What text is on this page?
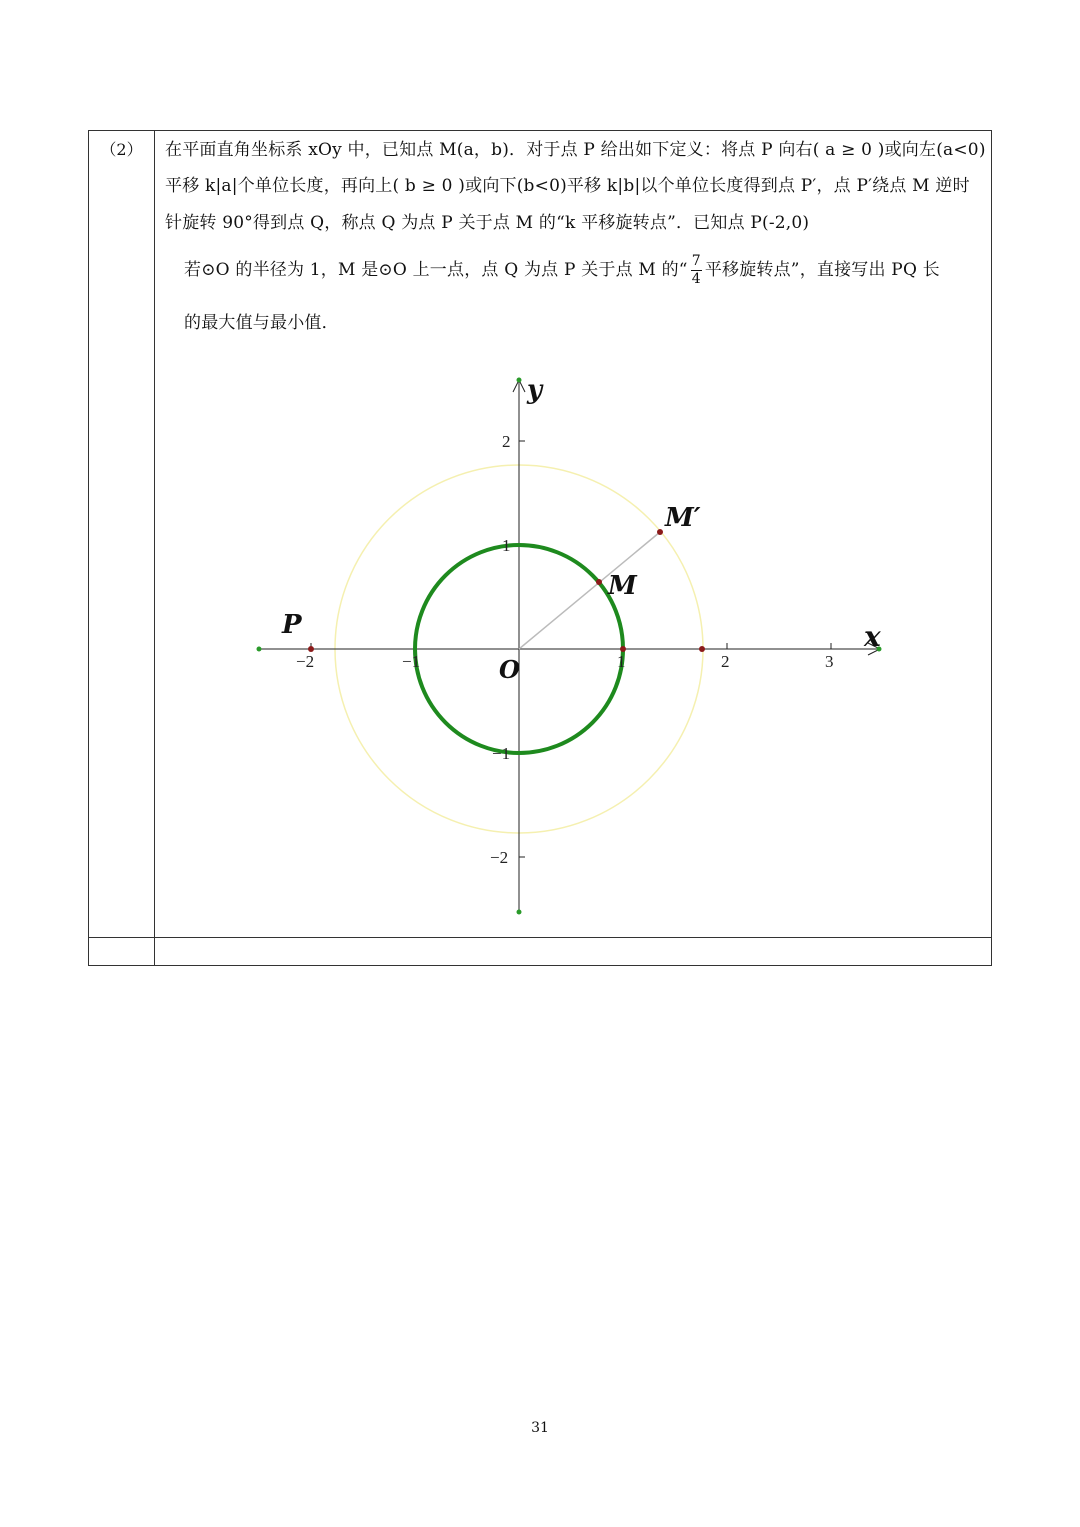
（2）	在平面直角坐标系 xOy 中，已知点 M(a，b)．对于点 P 给出如下定义：将点 P 向右( a ≥ 0 )或向左(a<0)
平移 k|a|个单位长度，再向上( b ≥ 0 )或向下(b<0)平移 k|b|以个单位长度得到点 P′，点 P′绕点 M 逆时
针旋转 90°得到点 Q，称点 Q 为点 P 关于点 M 的“k 平移旋转点”．已知点 P(-2,0)
若⊙O 的半径为 1，M 是⊙O 上一点，点 Q 为点 P 关于点 M 的“ $\frac{7}{4}$ 平移旋转点”，直接写出 PQ 长
的最大值与最小值．
−2	−1	1	2	3
2
1
−1
−2
P
M
M′
O
x
y
31
